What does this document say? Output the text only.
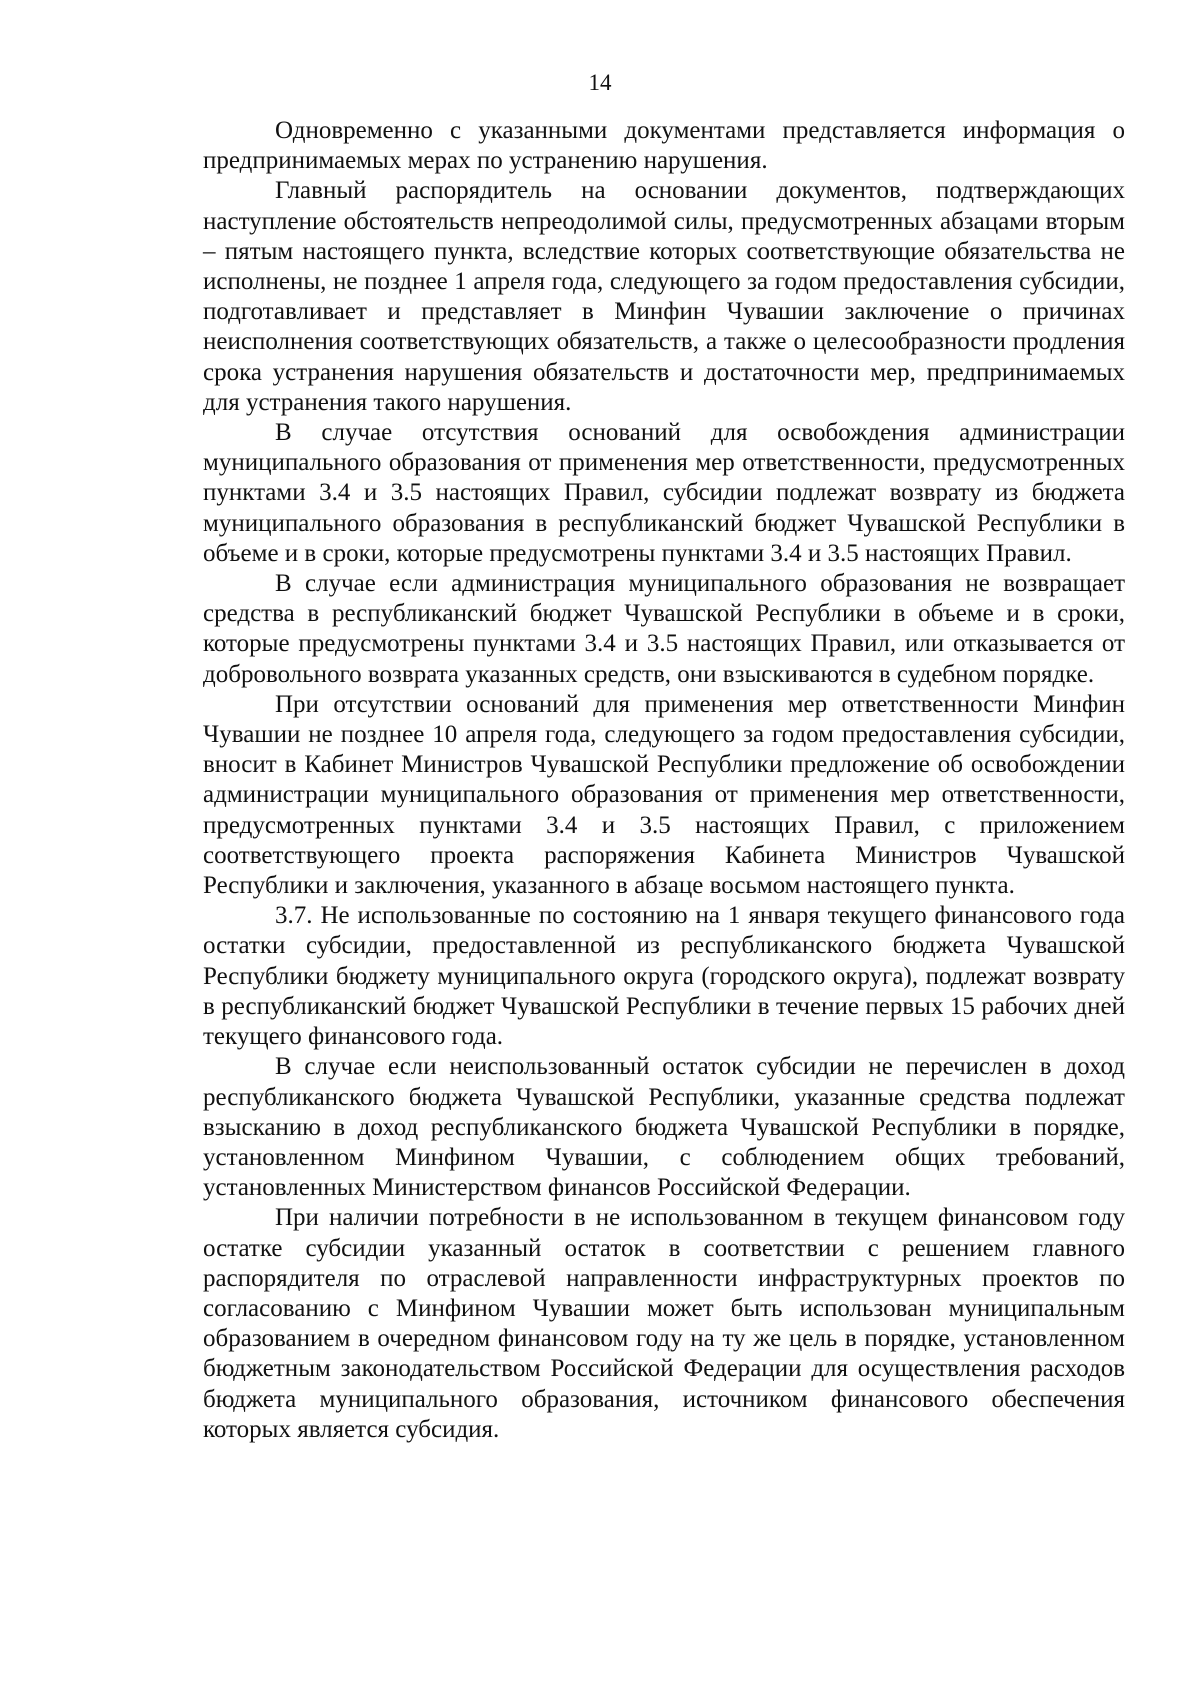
14

Одновременно с указанными документами представляется информация о предпринимаемых мерах по устранению нарушения.

Главный распорядитель на основании документов, подтверждающих наступление обстоятельств непреодолимой силы, предусмотренных абзацами вторым – пятым настоящего пункта, вследствие которых соответствующие обязательства не исполнены, не позднее 1 апреля года, следующего за годом предоставления субсидии, подготавливает и представляет в Минфин Чувашии заключение о причинах неисполнения соответствующих обязательств, а также о целесообразности продления срока устранения нарушения обязательств и достаточности мер, предпринимаемых для устранения такого нарушения.

В случае отсутствия оснований для освобождения администрации муниципального образования от применения мер ответственности, предусмотренных пунктами 3.4 и 3.5 настоящих Правил, субсидии подлежат возврату из бюджета муниципального образования в республиканский бюджет Чувашской Республики в объеме и в сроки, которые предусмотрены пунктами 3.4 и 3.5 настоящих Правил.

В случае если администрация муниципального образования не возвращает средства в республиканский бюджет Чувашской Республики в объеме и в сроки, которые предусмотрены пунктами 3.4 и 3.5 настоящих Правил, или отказывается от добровольного возврата указанных средств, они взыскиваются в судебном порядке.

При отсутствии оснований для применения мер ответственности Минфин Чувашии не позднее 10 апреля года, следующего за годом предоставления субсидии, вносит в Кабинет Министров Чувашской Республики предложение об освобождении администрации муниципального образования от применения мер ответственности, предусмотренных пунктами 3.4 и 3.5 настоящих Правил, с приложением соответствующего проекта распоряжения Кабинета Министров Чувашской Республики и заключения, указанного в абзаце восьмом настоящего пункта.

3.7. Не использованные по состоянию на 1 января текущего финансового года остатки субсидии, предоставленной из республиканского бюджета Чувашской Республики бюджету муниципального округа (городского округа), подлежат возврату в республиканский бюджет Чувашской Республики в течение первых 15 рабочих дней текущего финансового года.

В случае если неиспользованный остаток субсидии не перечислен в доход республиканского бюджета Чувашской Республики, указанные средства подлежат взысканию в доход республиканского бюджета Чувашской Республики в порядке, установленном Минфином Чувашии, с соблюдением общих требований, установленных Министерством финансов Российской Федерации.

При наличии потребности в не использованном в текущем финансовом году остатке субсидии указанный остаток в соответствии с решением главного распорядителя по отраслевой направленности инфраструктурных проектов по согласованию с Минфином Чувашии может быть использован муниципальным образованием в очередном финансовом году на ту же цель в порядке, установленном бюджетным законодательством Российской Федерации для осуществления расходов бюджета муниципального образования, источником финансового обеспечения которых является субсидия.
